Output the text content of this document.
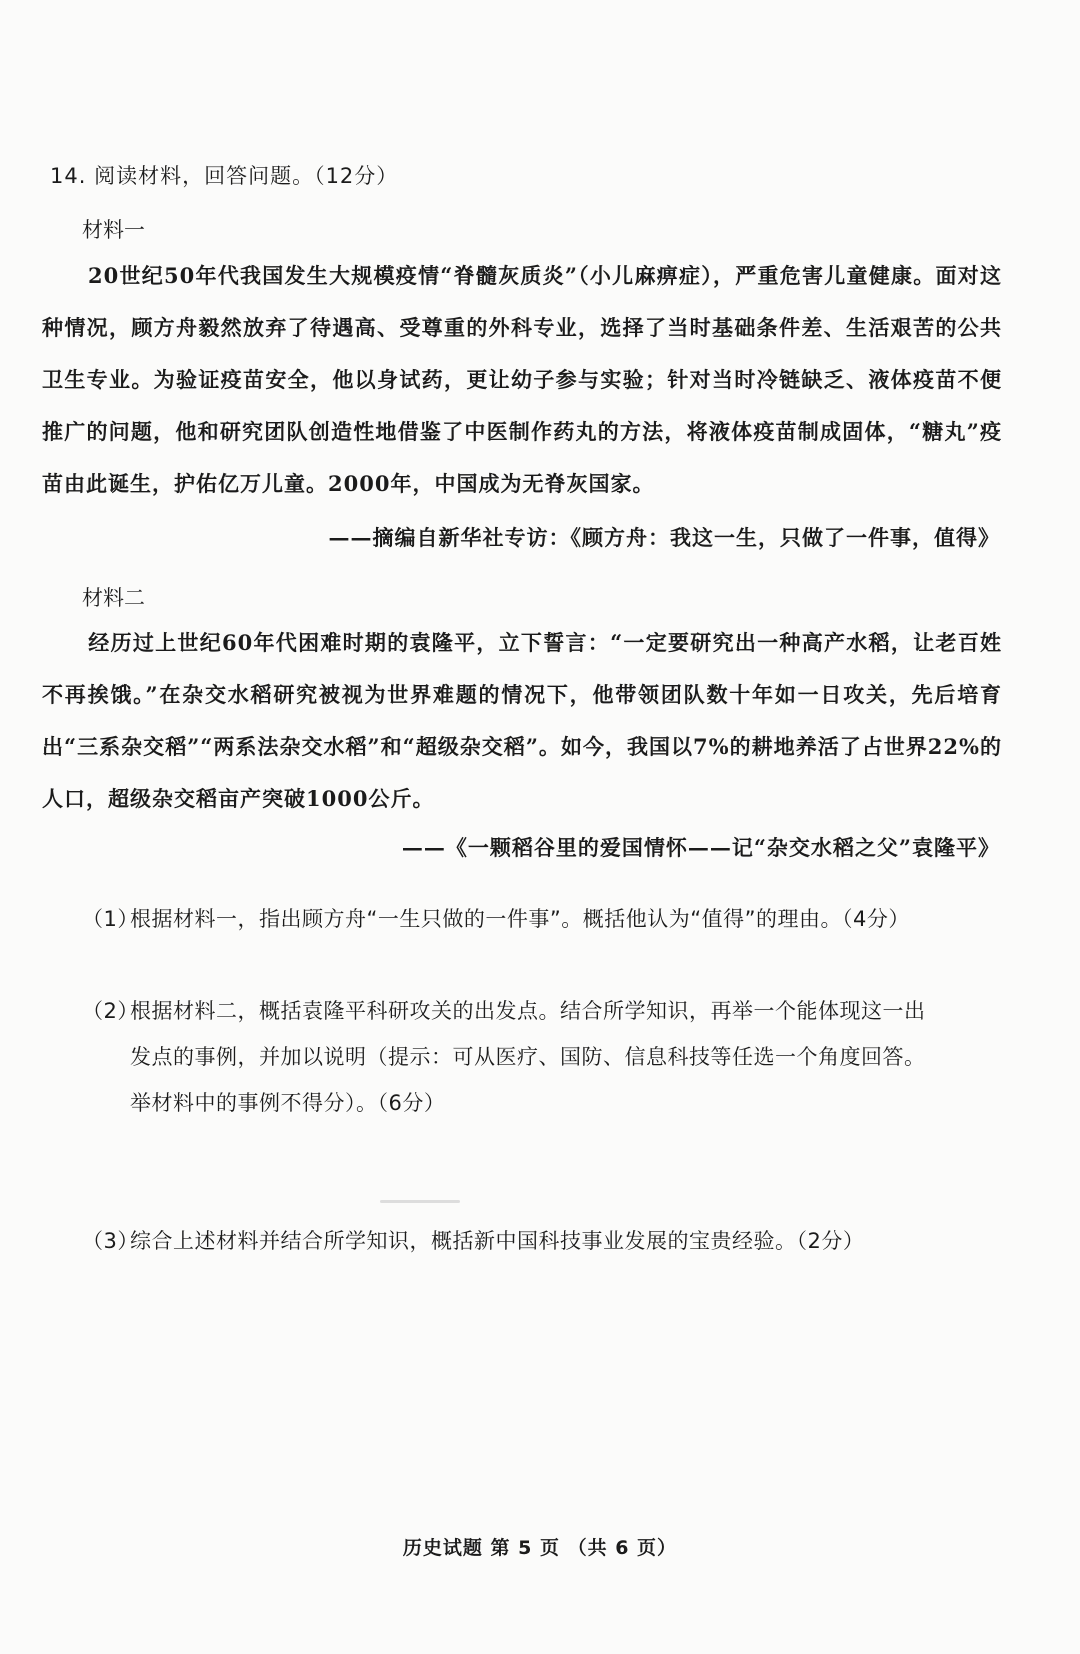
14. 阅读材料，回答问题。（12分）
材料一
20世纪50年代我国发生大规模疫情“脊髓灰质炎”（小儿麻痹症），严重危害儿童健康。面对这种情况，顾方舟毅然放弃了待遇高、受尊重的外科专业，选择了当时基础条件差、生活艰苦的公共卫生专业。为验证疫苗安全，他以身试药，更让幼子参与实验；针对当时冷链缺乏、液体疫苗不便推广的问题，他和研究团队创造性地借鉴了中医制作药丸的方法，将液体疫苗制成固体，“糖丸”疫苗由此诞生，护佑亿万儿童。2000年，中国成为无脊灰国家。
——摘编自新华社专访：《顾方舟：我这一生，只做了一件事，值得》
材料二
经历过上世纪60年代困难时期的袁隆平，立下誓言：“一定要研究出一种高产水稻，让老百姓不再挨饿。”在杂交水稻研究被视为世界难题的情况下，他带领团队数十年如一日攻关，先后培育出“三系杂交稻”“两系法杂交水稻”和“超级杂交稻”。如今，我国以7%的耕地养活了占世界22%的人口，超级杂交稻亩产突破1000公斤。
——《一颗稻谷里的爱国情怀——记“杂交水稻之父”袁隆平》
（1）根据材料一，指出顾方舟“一生只做的一件事”。概括他认为“值得”的理由。（4分）
（2）根据材料二，概括袁隆平科研攻关的出发点。结合所学知识，再举一个能体现这一出
发点的事例，并加以说明（提示：可从医疗、国防、信息科技等任选一个角度回答。
举材料中的事例不得分）。（6分）
（3）综合上述材料并结合所学知识，概括新中国科技事业发展的宝贵经验。（2分）
历史试题 第 5 页 （共 6 页）
